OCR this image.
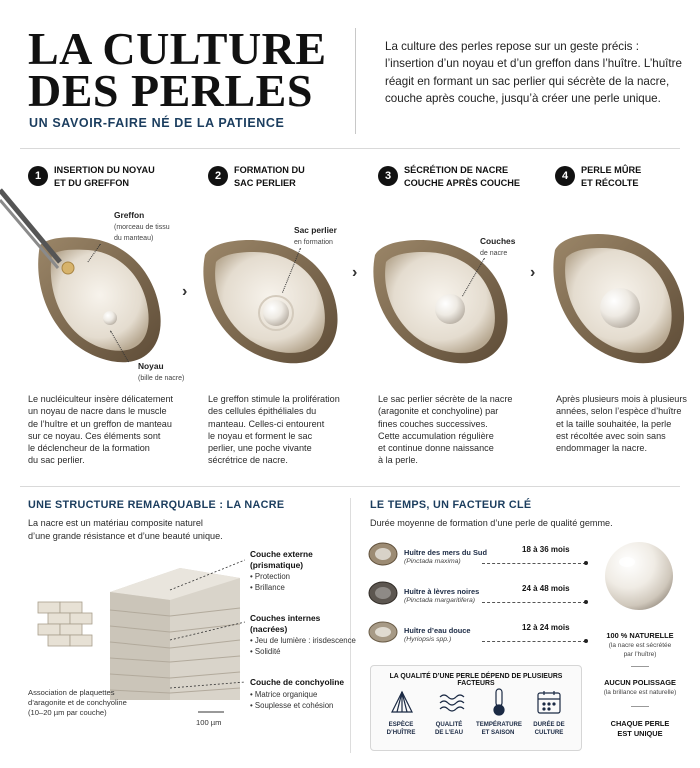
LA CULTURE
DES PERLES
UN SAVOIR-FAIRE NÉ DE LA PATIENCE
La culture des perles repose sur un geste précis : l’insertion d’un noyau et d’un greffon dans l’huître. L’huître réagit en formant un sac perlier qui sécrète de la nacre, couche après couche, jusqu’à créer une perle unique.
1	INSERTION DU NOYAU
ET DU GREFFON
2	FORMATION DU
SAC PERLIER
3	SÉCRÉTION DE NACRE
COUCHE APRÈS COUCHE
4	PERLE MÛRE
ET RÉCOLTE
›
›	›
Greffon
(morceau de tissu
du manteau)
Noyau
(bille de nacre)
Sac perlier
en formation	Couches
de nacre
Le nucléiculteur insère délicatement
un noyau de nacre dans le muscle
de l’huître et un greffon de manteau
sur ce noyau. Ces éléments sont
le déclencheur de la formation
du sac perlier.
Le greffon stimule la prolifération
des cellules épithéliales du
manteau. Celles-ci entourent
le noyau et forment le sac
perlier, une poche vivante
sécrétrice de nacre.
Le sac perlier sécrète de la nacre
(aragonite et conchyoline) par
fines couches successives.
Cette accumulation régulière
et continue donne naissance
à la perle.
Après plusieurs mois à plusieurs
années, selon l’espèce d’huître
et la taille souhaitée, la perle
est récoltée avec soin sans
endommager la nacre.
UNE STRUCTURE REMARQUABLE : LA NACRE
La nacre est un matériau composite naturel
d’une grande résistance et d’une beauté unique.
Couche externe
(prismatique)
• Protection
• Brillance
Couches internes
(nacrées)
• Jeu de lumière : irisdescence
• Solidité
Couche de conchyoline
• Matrice organique
• Souplesse et cohésion
Association de plaquettes
d’aragonite et de conchyoline
(10–20 µm par couche)
100 µm
LE TEMPS, UN FACTEUR CLÉ
Durée moyenne de formation d’une perle de qualité gemme.
Huître des mers du Sud
(Pinctada maxima)
18 à 36 mois
Huître à lèvres noires
(Pinctada margaritifera)
24 à 48 mois
Huître d’eau douce
(Hyriopsis spp.)
12 à 24 mois
100 % NATURELLE
(la nacre est sécrétée
par l’huître)
AUCUN POLISSAGE
(la brillance est naturelle)
CHAQUE PERLE
EST UNIQUE
LA QUALITÉ D’UNE PERLE DÉPEND DE PLUSIEURS FACTEURS
ESPÈCE
D’HUÎTRE
QUALITÉ
DE L’EAU
TEMPÉRATURE
ET SAISON
DURÉE DE
CULTURE
